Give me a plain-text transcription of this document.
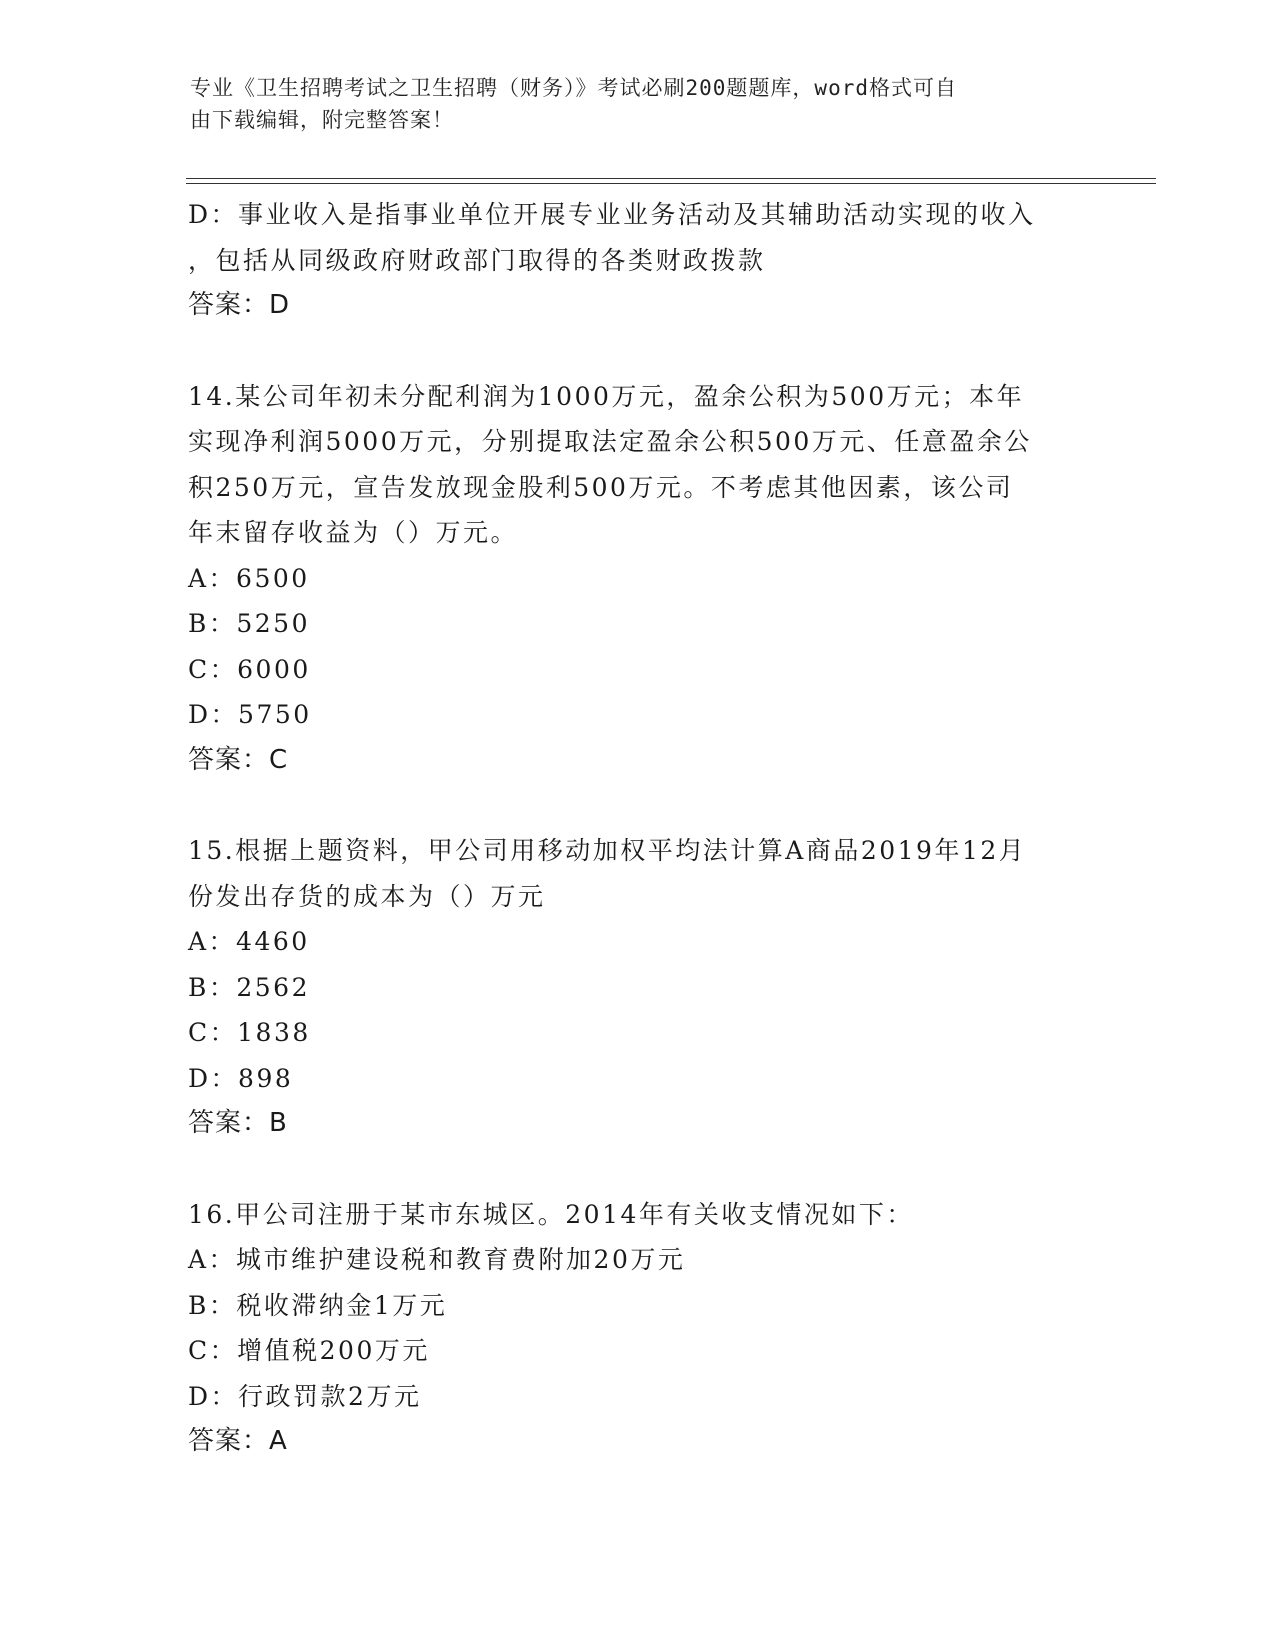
专业《卫生招聘考试之卫生招聘（财务）》考试必刷200题题库，word格式可自
由下载编辑，附完整答案！
D：事业收入是指事业单位开展专业业务活动及其辅助活动实现的收入
，包括从同级政府财政部门取得的各类财政拨款
答案：D
14.某公司年初未分配利润为1000万元，盈余公积为500万元；本年
实现净利润5000万元，分别提取法定盈余公积500万元、任意盈余公
积250万元，宣告发放现金股利500万元。不考虑其他因素，该公司
年末留存收益为（）万元。
A：6500
B：5250
C：6000
D：5750
答案：C
15.根据上题资料，甲公司用移动加权平均法计算A商品2019年12月
份发出存货的成本为（）万元
A：4460
B：2562
C：1838
D：898
答案：B
16.甲公司注册于某市东城区。2014年有关收支情况如下：
A：城市维护建设税和教育费附加20万元
B：税收滞纳金1万元
C：增值税200万元
D：行政罚款2万元
答案：A
